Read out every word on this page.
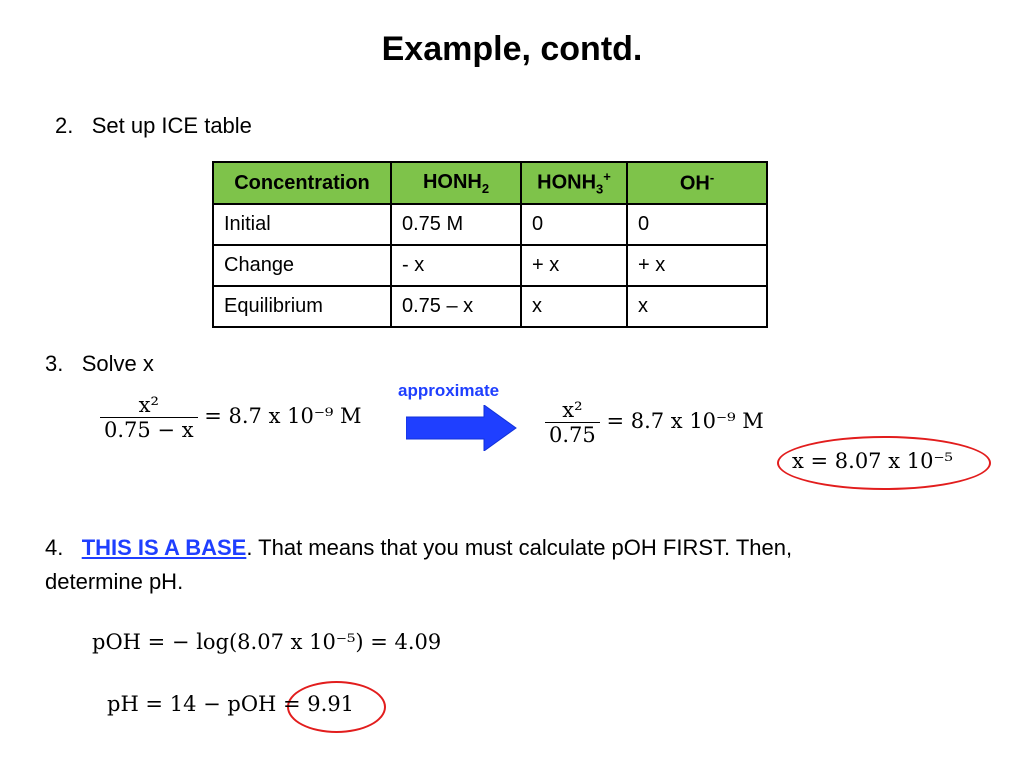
Example, contd.
2. Set up ICE table
Concentration	$HONH_2$	$HONH_3^+$	OH-
Initial	0.75 M	0	0
Change	- x	+ x	+ x
Equilibrium	0.75 – x	x	x
3. Solve x
$\frac{\text{x²}}{0.75 - x} = 8.7$ x 10⁻⁹ M
approximate
$\frac{\text{x²}}{0.75} = 8.7$ x 10⁻⁹ M
x = 8.07 x 10⁻⁵
4. THIS IS A BASE. That means that you must calculate pOH FIRST. Then,
determine pH.
pOH = − log(8.07 x 10⁻⁵) = 4.09
pH = 14 − pOH = 9.91
